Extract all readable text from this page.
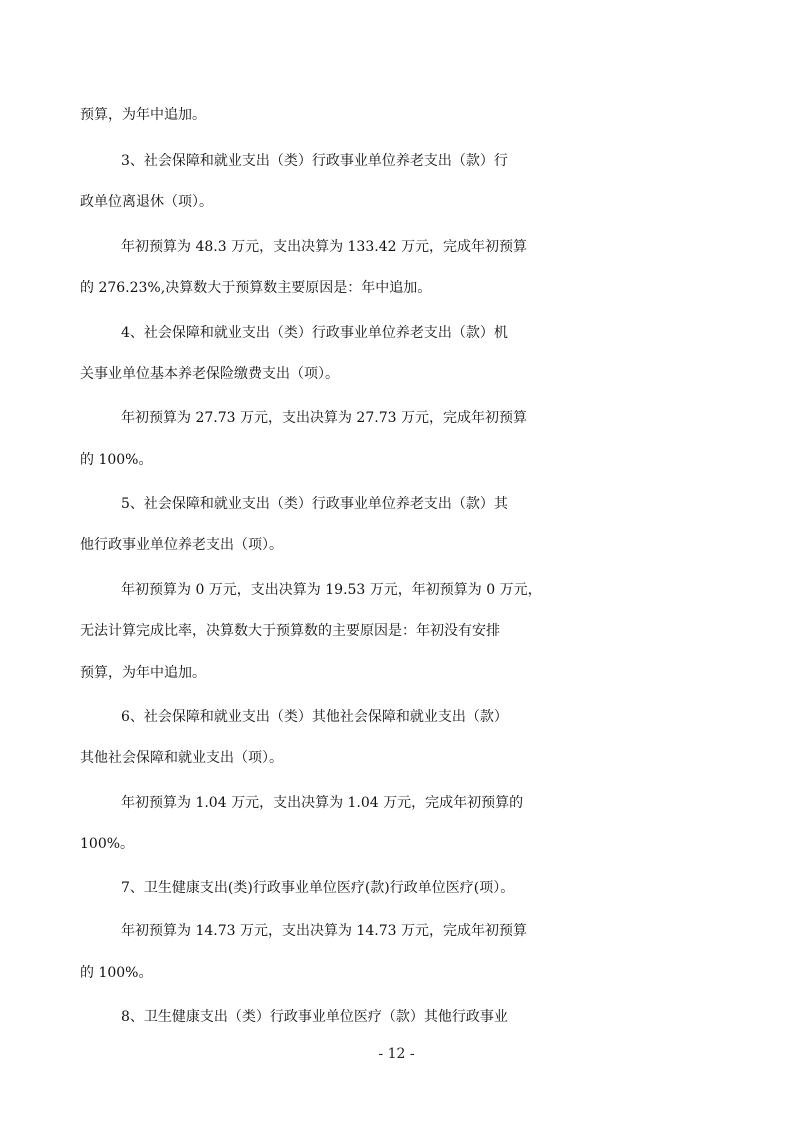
预算，为年中追加。
3、社会保障和就业支出（类）行政事业单位养老支出（款）行
政单位离退休（项）。
年初预算为 48.3 万元，支出决算为 133.42 万元，完成年初预算
的 276.23%,决算数大于预算数主要原因是：年中追加。
4、社会保障和就业支出（类）行政事业单位养老支出（款）机
关事业单位基本养老保险缴费支出（项）。
年初预算为 27.73 万元，支出决算为 27.73 万元，完成年初预算
的 100%。
5、社会保障和就业支出（类）行政事业单位养老支出（款）其
他行政事业单位养老支出（项）。
年初预算为 0 万元，支出决算为 19.53 万元，年初预算为 0 万元，
无法计算完成比率，决算数大于预算数的主要原因是：年初没有安排
预算，为年中追加。
6、社会保障和就业支出（类）其他社会保障和就业支出（款）
其他社会保障和就业支出（项）。
年初预算为 1.04 万元，支出决算为 1.04 万元，完成年初预算的
100%。
7、卫生健康支出(类)行政事业单位医疗(款)行政单位医疗(项）。
年初预算为 14.73 万元，支出决算为 14.73 万元，完成年初预算
的 100%。
8、卫生健康支出（类）行政事业单位医疗（款）其他行政事业
- 12 -
